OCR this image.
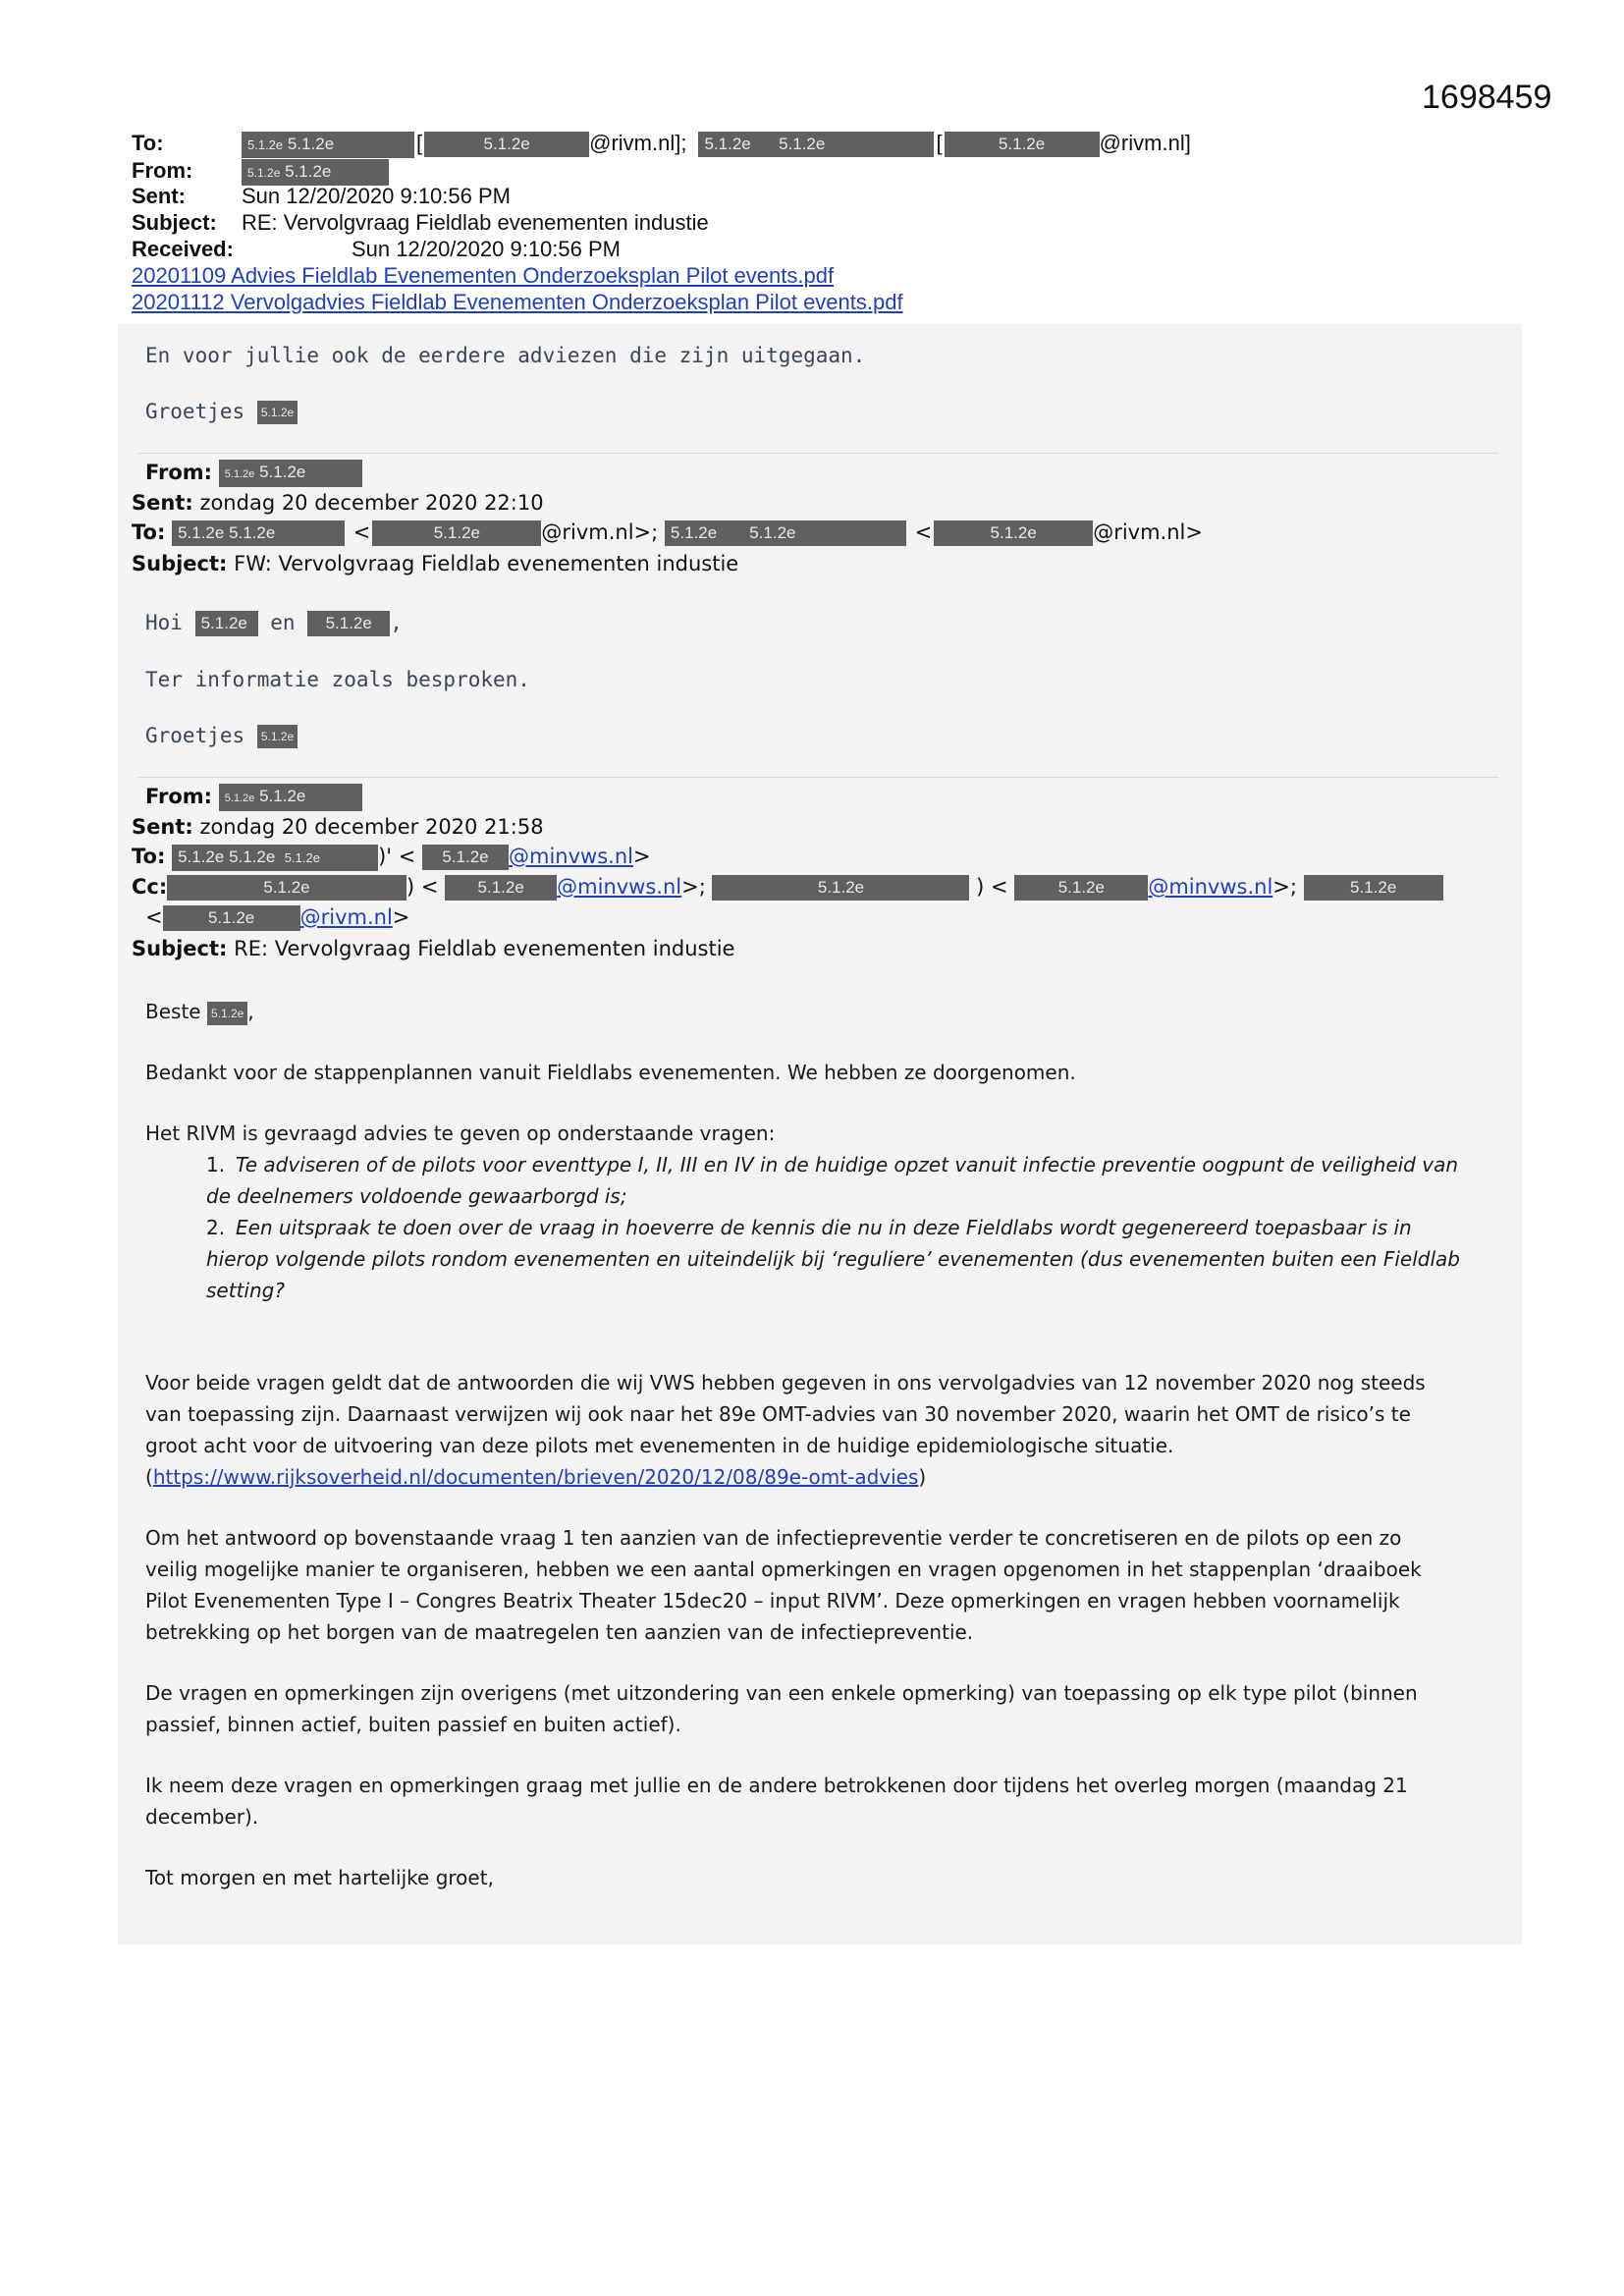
1698459
To:	5.1.2e 5.1.2e	[	5.1.2e	@rivm.nl]; 5.1.2e 5.1.2e	[	5.1.2e	@rivm.nl]
From:	5.1.2e 5.1.2e
Sent:	Sun 12/20/2020 9:10:56 PM
Subject: RE: Vervolgvraag Fieldlab evenementen industie
Received:	Sun 12/20/2020 9:10:56 PM
20201109 Advies Fieldlab Evenementen Onderzoeksplan Pilot events.pdf
20201112 Vervolgadvies Fieldlab Evenementen Onderzoeksplan Pilot events.pdf
En voor jullie ook de eerdere adviezen die zijn uitgegaan.
Groetjes 5.1.2e
From: 5.1.2e 5.1.2e
Sent: zondag 20 december 2020 22:10
To: 5.1.2e 5.1.2e	<	5.1.2e	@rivm.nl>; 5.1.2e 5.1.2e	<	5.1.2e	@rivm.nl>
Subject: FW: Vervolgvraag Fieldlab evenementen industie
Hoi 5.1.2e en 5.1.2e ,
Ter informatie zoals besproken.
Groetjes 5.1.2e
From: 5.1.2e 5.1.2e
Sent: zondag 20 december 2020 21:58
To: 5.1.2e 5.1.2e 5.1.2e	)' < 5.1.2e @minvws.nl>
Cc:	5.1.2e	) < 5.1.2e @minvws.nl>;	5.1.2e	) <	5.1.2e @minvws.nl>;	5.1.2e
<	5.1.2e @rivm.nl>
Subject: RE: Vervolgvraag Fieldlab evenementen industie
Beste 5.1.2e ,
Bedankt voor de stappenplannen vanuit Fieldlabs evenementen. We hebben ze doorgenomen.
Het RIVM is gevraagd advies te geven op onderstaande vragen:
1. Te adviseren of de pilots voor eventtype I, II, III en IV in de huidige opzet vanuit infectie preventie oogpunt de veiligheid van
de deelnemers voldoende gewaarborgd is;
2. Een uitspraak te doen over de vraag in hoeverre de kennis die nu in deze Fieldlabs wordt gegenereerd toepasbaar is in
hierop volgende pilots rondom evenementen en uiteindelijk bij ‘reguliere’ evenementen (dus evenementen buiten een Fieldlab
setting?
Voor beide vragen geldt dat de antwoorden die wij VWS hebben gegeven in ons vervolgadvies van 12 november 2020 nog steeds
van toepassing zijn. Daarnaast verwijzen wij ook naar het 89e OMT-advies van 30 november 2020, waarin het OMT de risico’s te
groot acht voor de uitvoering van deze pilots met evenementen in de huidige epidemiologische situatie.
(https://www.rijksoverheid.nl/documenten/brieven/2020/12/08/89e-omt-advies)
Om het antwoord op bovenstaande vraag 1 ten aanzien van de infectiepreventie verder te concretiseren en de pilots op een zo
veilig mogelijke manier te organiseren, hebben we een aantal opmerkingen en vragen opgenomen in het stappenplan ‘draaiboek
Pilot Evenementen Type I – Congres Beatrix Theater 15dec20 – input RIVM’. Deze opmerkingen en vragen hebben voornamelijk
betrekking op het borgen van de maatregelen ten aanzien van de infectiepreventie.
De vragen en opmerkingen zijn overigens (met uitzondering van een enkele opmerking) van toepassing op elk type pilot (binnen
passief, binnen actief, buiten passief en buiten actief).
Ik neem deze vragen en opmerkingen graag met jullie en de andere betrokkenen door tijdens het overleg morgen (maandag 21
december).
Tot morgen en met hartelijke groet,
